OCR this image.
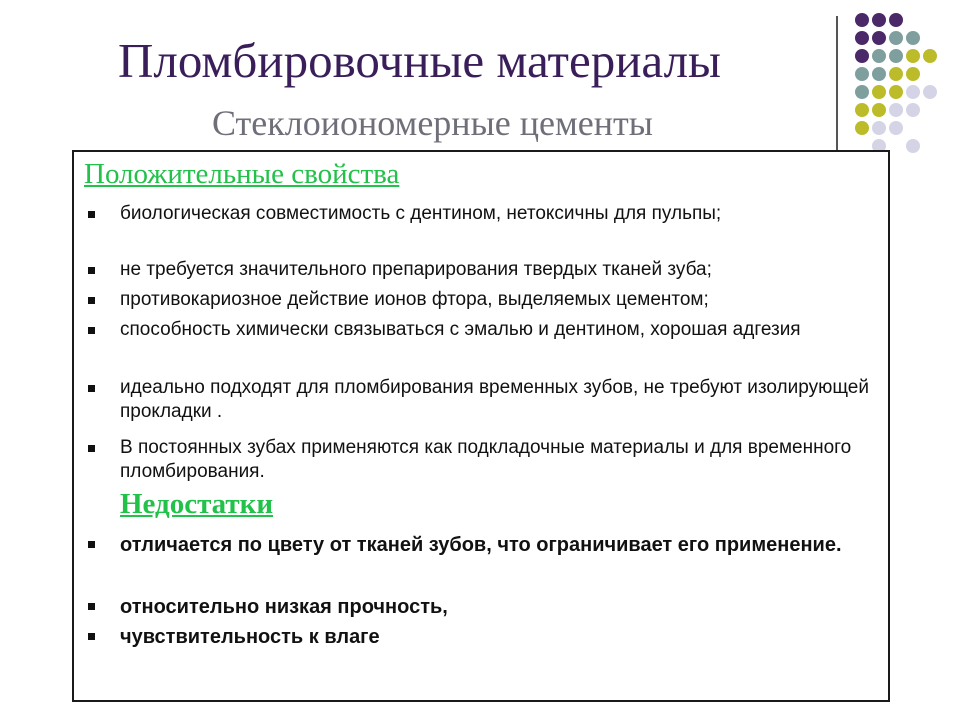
Пломбировочные материалы
Стеклоиономерные цементы
Положительные свойства
биологическая совместимость с дентином, нетоксичны для пульпы;
не требуется значительного препарирования твердых тканей зуба;
противокариозное действие ионов фтора, выделяемых цементом;
способность химически связываться с эмалью и дентином, хорошая адгезия
идеально подходят для пломбирования временных зубов, не требуют изолирующей прокладки .
В постоянных зубах применяются как подкладочные материалы и для временного пломбирования.
Недостатки
отличается по цвету от тканей зубов, что ограничивает его применение.
относительно низкая прочность,
чувствительность к влаге
